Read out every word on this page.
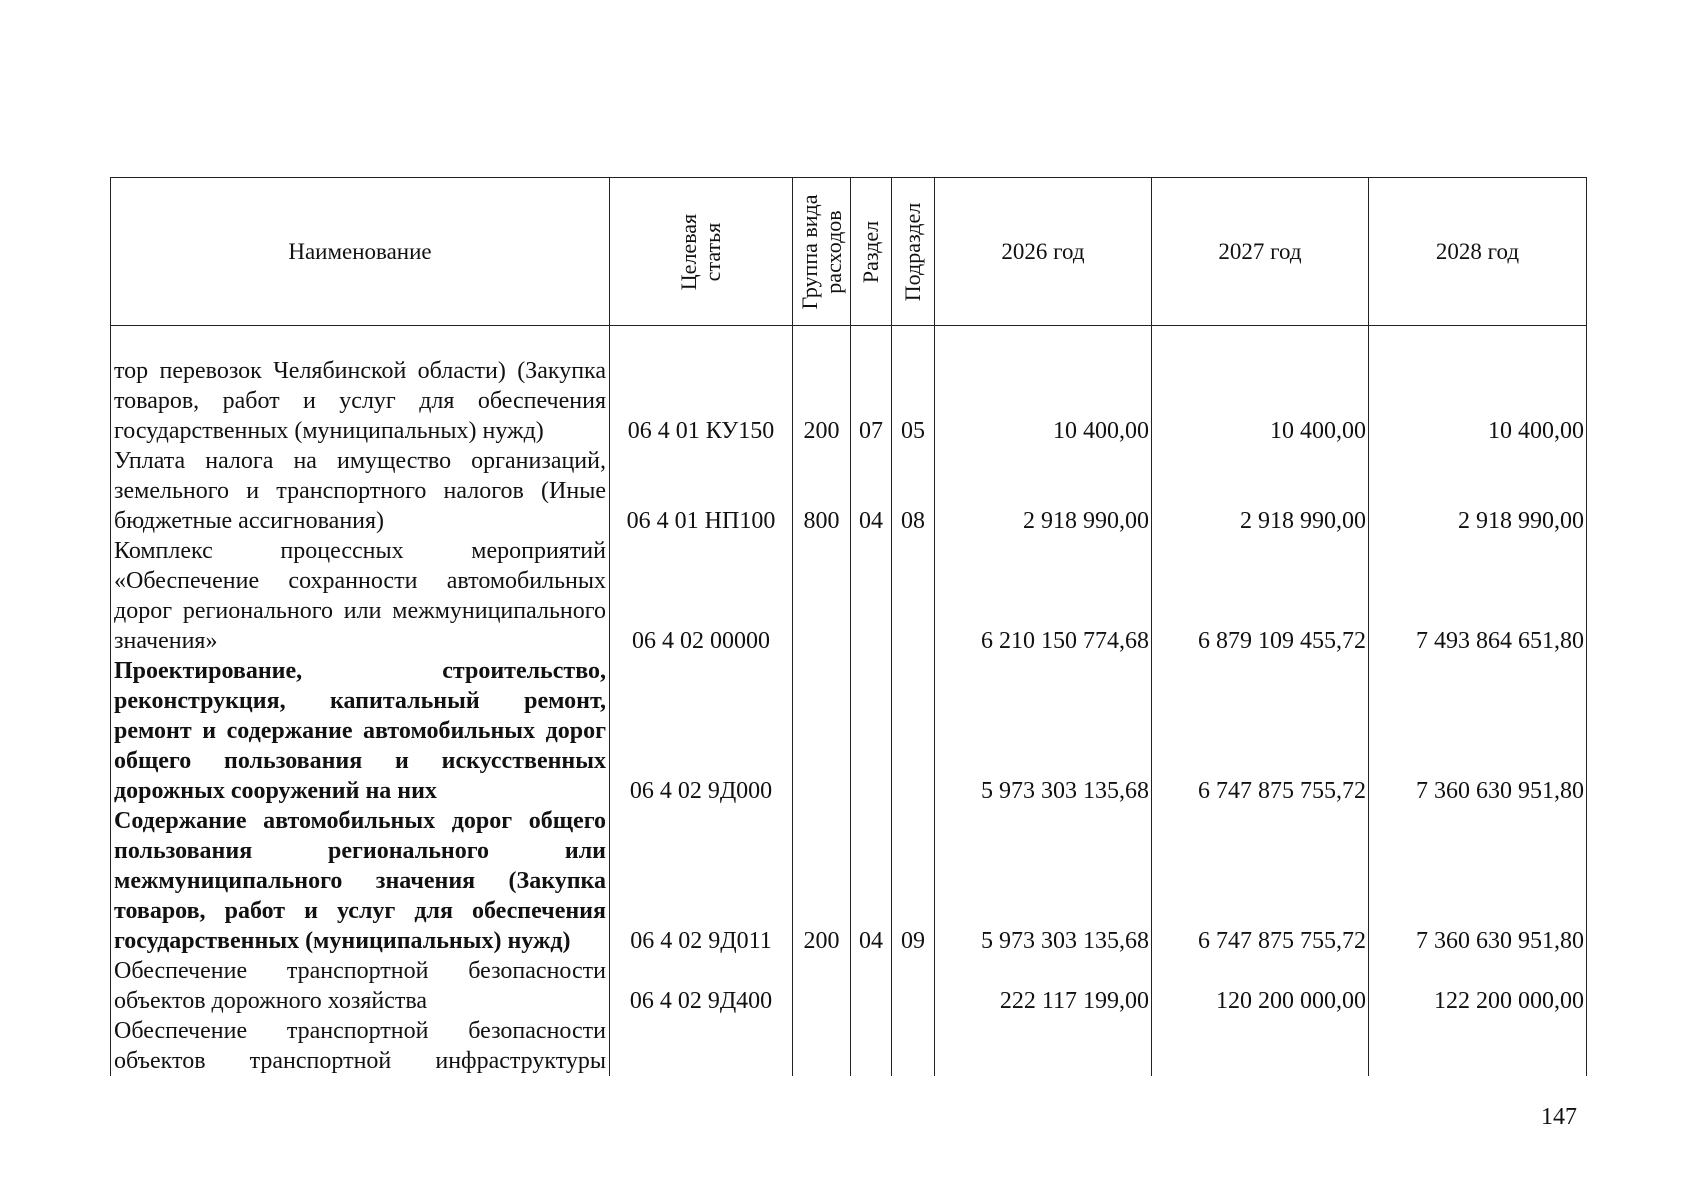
Наименование	Целевая статья	Группа вида расходов	Раздел	Подраздел	2026 год	2027 год	2028 год
тор перевозок Челябинской области) (Закупка товаров, работ и услуг для обеспечения государственных (муниципальных) нужд)	06 4 01 КУ150	200	07	05	10 400,00	10 400,00	10 400,00
Уплата налога на имущество организаций, земельного и транспортного налогов (Иные бюджетные ассигнования)	06 4 01 НП100	800	04	08	2 918 990,00	2 918 990,00	2 918 990,00
Комплекс процессных мероприятий «Обеспечение сохранности автомобильных дорог регионального или межмуниципального значения»	06 4 02 00000				6 210 150 774,68	6 879 109 455,72	7 493 864 651,80
Проектирование, строительство, реконструкция, капитальный ремонт, ремонт и содержание автомобильных дорог общего пользования и искусственных дорожных сооружений на них	06 4 02 9Д000				5 973 303 135,68	6 747 875 755,72	7 360 630 951,80
Содержание автомобильных дорог общего пользования регионального или межмуниципального значения (Закупка товаров, работ и услуг для обеспечения государственных (муниципальных) нужд)	06 4 02 9Д011	200	04	09	5 973 303 135,68	6 747 875 755,72	7 360 630 951,80
Обеспечение транспортной безопасности объектов дорожного хозяйства	06 4 02 9Д400				222 117 199,00	120 200 000,00	122 200 000,00
Обеспечение транспортной безопасности объектов транспортной инфраструктуры							
147
